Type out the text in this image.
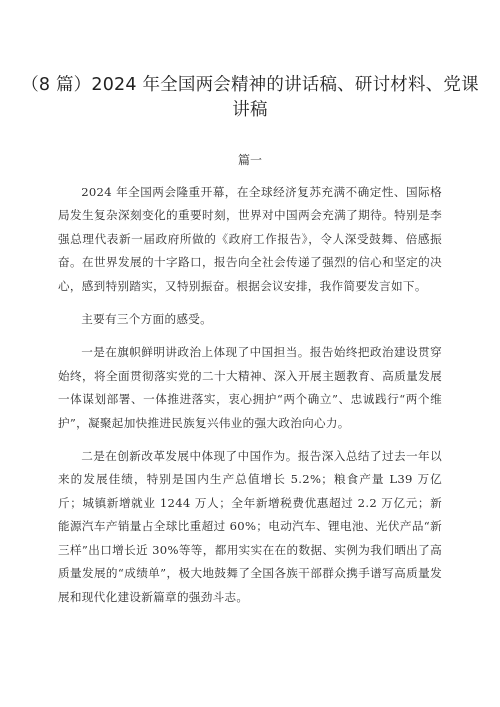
（8 篇）2024 年全国两会精神的讲话稿、研讨材料、党课讲稿
篇一

2024 年全国两会隆重开幕，在全球经济复苏充满不确定性、国际格局发生复杂深刻变化的重要时刻，世界对中国两会充满了期待。特别是李强总理代表新一届政府所做的《政府工作报告》，令人深受鼓舞、倍感振奋。在世界发展的十字路口，报告向全社会传递了强烈的信心和坚定的决心，感到特别踏实，又特别振奋。根据会议安排，我作简要发言如下。

主要有三个方面的感受。

一是在旗帜鲜明讲政治上体现了中国担当。报告始终把政治建设贯穿始终，将全面贯彻落实党的二十大精神、深入开展主题教育、高质量发展一体谋划部署、一体推进落实，衷心拥护“两个确立”、忠诚践行“两个维护”，凝聚起加快推进民族复兴伟业的强大政治向心力。

二是在创新改革发展中体现了中国作为。报告深入总结了过去一年以来的发展佳绩，特别是国内生产总值增长 5.2%；粮食产量 L39 万亿斤；城镇新增就业 1244 万人；全年新增税费优惠超过 2.2 万亿元；新能源汽车产销量占全球比重超过 60%；电动汽车、锂电池、光伏产品“新三样”出口增长近 30%等等，都用实实在在的数据、实例为我们晒出了高质量发展的“成绩单”，极大地鼓舞了全国各族干部群众携手谱写高质量发展和现代化建设新篇章的强劲斗志。
